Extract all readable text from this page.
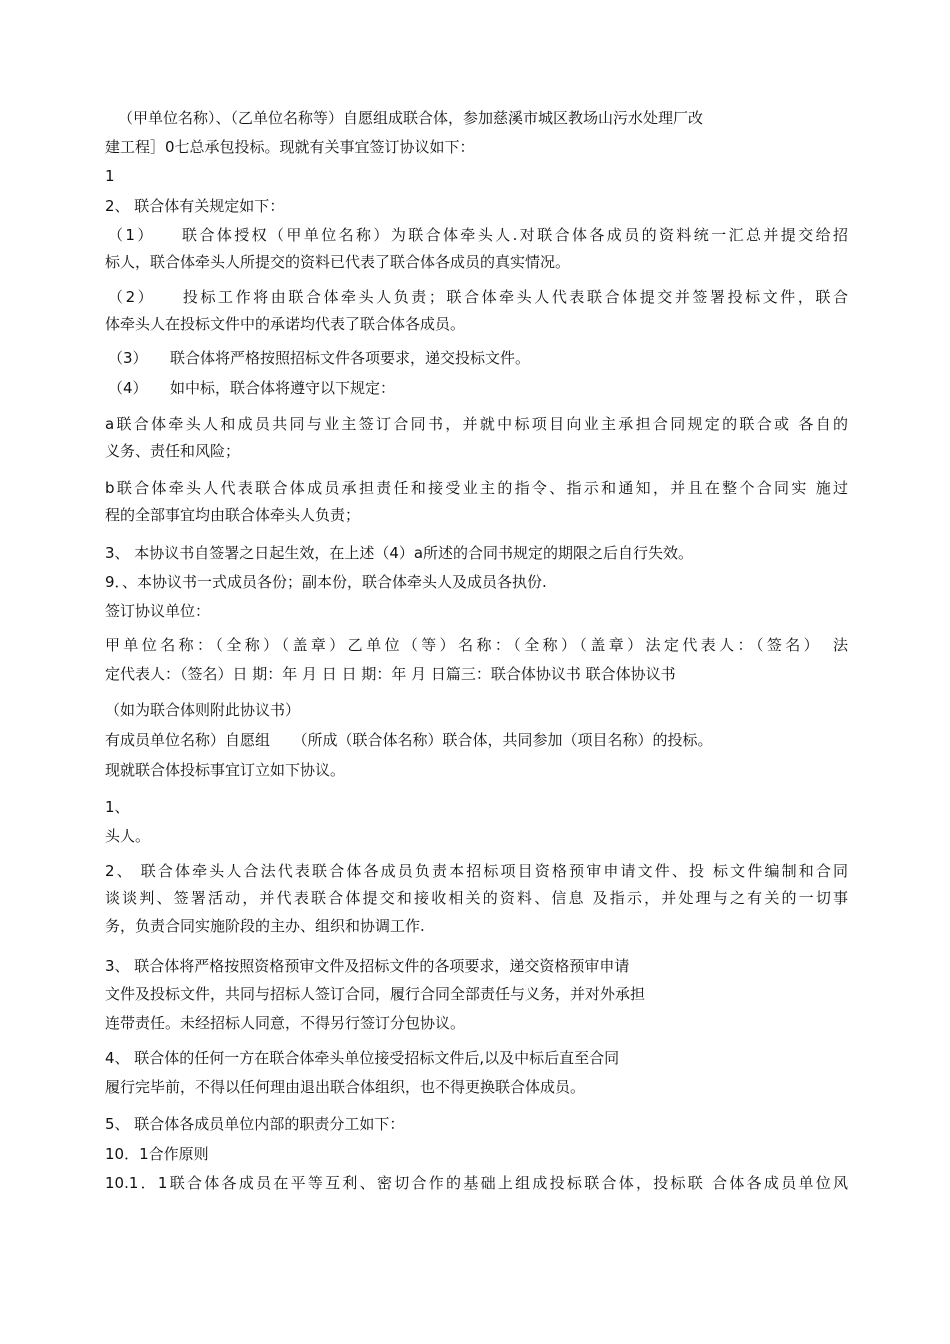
（甲单位名称）、（乙单位名称等）自愿组成联合体，参加慈溪市城区教场山污水处理厂改
建工程］0七总承包投标。现就有关事宜签订协议如下：
1
2、 联合体有关规定如下：
（1）　　联合体授权（甲单位名称）为联合体牵头人.对联合体各成员的资料统一汇总并提交给招
标人，联合体牵头人所提交的资料已代表了联合体各成员的真实情况。
（2）　　投标工作将由联合体牵头人负责；联合体牵头人代表联合体提交并签署投标文件，联合
体牵头人在投标文件中的承诺均代表了联合体各成员。
（3）　　联合体将严格按照招标文件各项要求，递交投标文件。
（4）　　如中标，联合体将遵守以下规定：
a联合体牵头人和成员共同与业主签订合同书，并就中标项目向业主承担合同规定的联合或 各自的
义务、责任和风险；
b联合体牵头人代表联合体成员承担责任和接受业主的指令、指示和通知，并且在整个合同实 施过
程的全部事宜均由联合体牵头人负责；
3、 本协议书自签署之日起生效，在上述（4）a所述的合同书规定的期限之后自行失效。
9．、本协议书一式成员各份；副本份，联合体牵头人及成员各执份.
签订协议单位：
甲单位名称：（全称）（盖章）乙单位（等）名称：（全称）（盖章）法定代表人：（签名）　法
定代表人：（签名）日 期：年 月 日 日 期：年 月 日篇三：联合体协议书 联合体协议书
（如为联合体则附此协议书）
有成员单位名称）自愿组　　（所成（联合体名称）联合体，共同参加（项目名称）的投标。
现就联合体投标事宜订立如下协议。
1、
头人。
2、 联合体牵头人合法代表联合体各成员负责本招标项目资格预审申请文件、投 标文件编制和合同
谈谈判、签署活动，并代表联合体提交和接收相关的资料、信息 及指示，并处理与之有关的一切事
务，负责合同实施阶段的主办、组织和协调工作.
3、 联合体将严格按照资格预审文件及招标文件的各项要求，递交资格预审申请
文件及投标文件，共同与招标人签订合同，履行合同全部责任与义务，并对外承担
连带责任。未经招标人同意，不得另行签订分包协议。
4、 联合体的任何一方在联合体牵头单位接受招标文件后,以及中标后直至合同
履行完毕前，不得以任何理由退出联合体组织，也不得更换联合体成员。
5、 联合体各成员单位内部的职责分工如下：
10．1合作原则
10.1．1联合体各成员在平等互利、密切合作的基础上组成投标联合体，投标联 合体各成员单位风
